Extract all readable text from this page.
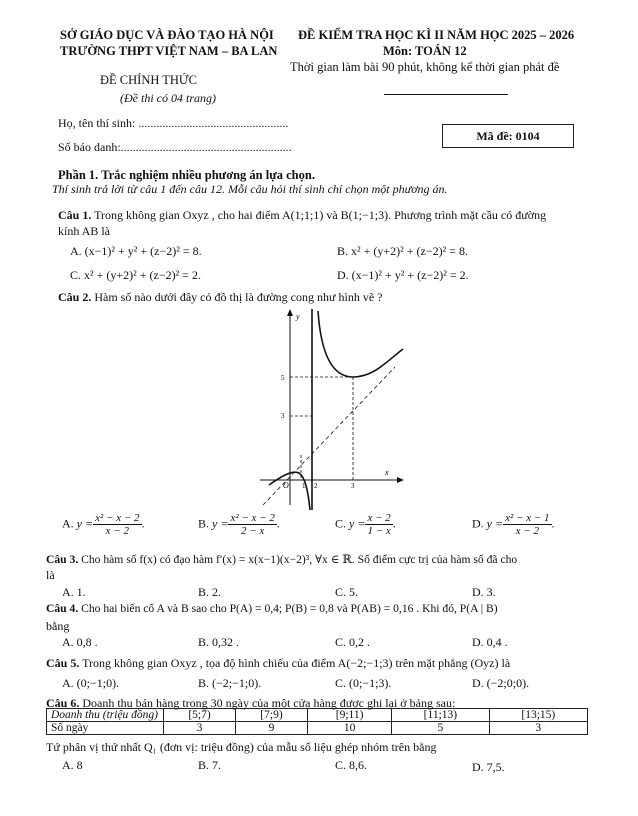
SỞ GIÁO DỤC VÀ ĐÀO TẠO HÀ NỘI
TRƯỜNG THPT VIỆT NAM – BA LAN
ĐỀ KIỂM TRA HỌC KÌ II NĂM HỌC 2025 – 2026
Môn: TOÁN 12
Thời gian làm bài 90 phút, không kể thời gian phát đề
ĐỀ CHÍNH THỨC
(Đề thi có 04 trang)
Họ, tên thí sinh: ..................................................
Số báo danh:.........................................................
Mã đề: 0104
Phần 1. Trắc nghiệm nhiều phương án lựa chọn.
Thí sinh trả lời từ câu 1 đến câu 12. Mỗi câu hỏi thí sinh chỉ chọn một phương án.
Câu 1. Trong không gian Oxyz , cho hai điểm A(1;1;1) và B(1;−1;3). Phương trình mặt cầu có đường
kính AB là
A. (x−1)² + y² + (z−2)² = 8.	B. x² + (y+2)² + (z−2)² = 8.
C. x² + (y+2)² + (z−2)² = 2.	D. (x−1)² + y² + (z−2)² = 2.
Câu 2. Hàm số nào dưới đây có đồ thị là đường cong như hình vẽ ?
y
x
O 1 2	3
3
5
A. $y = \frac{\text{x² − x − 2}}{x - 2}$ .	B. $y = \frac{\text{x² − x − 2}}{2 - x}$ .	C. $y = \frac{x - 2}{1 - x}$ .	D. $y = \frac{\text{x² − x − 1}}{x - 2}$ .
Câu 3. Cho hàm số f(x) có đạo hàm f′(x) = x(x−1)(x−2)³, ∀x ∈ ℝ. Số điểm cực trị của hàm số đã cho
là
A. 1.	B. 2.	C. 5.	D. 3.
Câu 4. Cho hai biến cố A và B sao cho P(A) = 0,4; P(B) = 0,8 và P(AB) = 0,16 . Khi đó, P(A | B)
bằng
A. 0,8 .	B. 0,32 .	C. 0,2 .	D. 0,4 .
Câu 5. Trong không gian Oxyz , tọa độ hình chiếu của điểm A(−2;−1;3) trên mặt phẳng (Oyz) là
A. (0;−1;0).	B. (−2;−1;0).	C. (0;−1;3).	D. (−2;0;0).
Câu 6. Doanh thu bán hàng trong 30 ngày của một cửa hàng được ghi lại ở bảng sau:
Doanh thu (triệu đồng)	[5;7)	[7;9)	[9;11)	[11;13)	[13;15)
Số ngày	3	9	10	5	3
Tứ phân vị thứ nhất Q₁ (đơn vị: triệu đồng) của mẫu số liệu ghép nhóm trên bằng
A. 8	B. 7.	C. 8,6.	D. 7,5.
